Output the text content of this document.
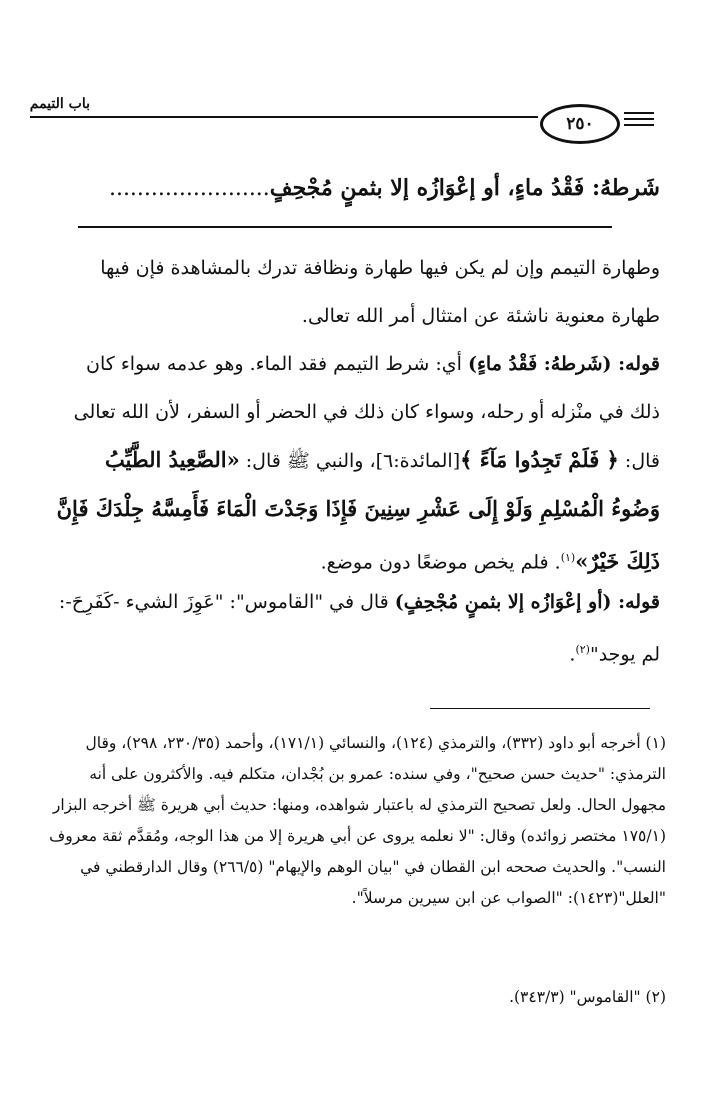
باب التيمم
٢٥٠
شَرطهُ: فَقْدُ ماءٍ، أو إعْوَازُه إلا بثمنٍ مُجْحِفٍ.......................
وطهارة التيمم وإن لم يكن فيها طهارة ونظافة تدرك بالمشاهدة فإن فيها طهارة معنوية ناشئة عن امتثال أمر الله تعالى.
قوله: (شَرطهُ: فَقْدُ ماءٍ) أي: شرط التيمم فقد الماء. وهو عدمه سواء كان ذلك في منْزله أو رحله، وسواء كان ذلك في الحضر أو السفر، لأن الله تعالى قال: ﴿ فَلَمْ تَجِدُوا مَآءً ﴾[المائدة:٦]، والنبي ﷺ قال: «الصَّعِيدُ الطَّيِّبُ وَضُوءُ الْمُسْلِمِ وَلَوْ إِلَى عَشْرِ سِنِينَ فَإِذَا وَجَدْتَ الْمَاءَ فَأَمِسَّهُ جِلْدَكَ فَإِنَّ ذَلِكَ خَيْرٌ»$^{(١)}$. فلم يخص موضعًا دون موضع.
قوله: (أو إعْوَازُه إلا بثمنٍ مُجْحِفٍ) قال في "القاموس": "عَوِزَ الشيء -كَفَرِحَ-: لم يوجد"$^{(٢)}$.
(١) أخرجه أبو داود (٣٣٢)، والترمذي (١٢٤)، والنسائي (١٧١/١)، وأحمد (٢٣٠/٣٥، ٢٩٨)، وقال الترمذي: "حديث حسن صحيح"، وفي سنده: عمرو بن بُجْدان، متكلم فيه. والأكثرون على أنه مجهول الحال. ولعل تصحيح الترمذي له باعتبار شواهده، ومنها: حديث أبي هريرة ﷺ أخرجه البزار (١٧٥/١ مختصر زوائده) وقال: "لا نعلمه يروى عن أبي هريرة إلا من هذا الوجه، ومُقدَّم ثقة معروف النسب". والحديث صححه ابن القطان في "بيان الوهم والإيهام" (٢٦٦/٥) وقال الدارقطني في "العلل"(١٤٢٣): "الصواب عن ابن سيرين مرسلاً".
(٢) "القاموس" (٣٤٣/٣).
